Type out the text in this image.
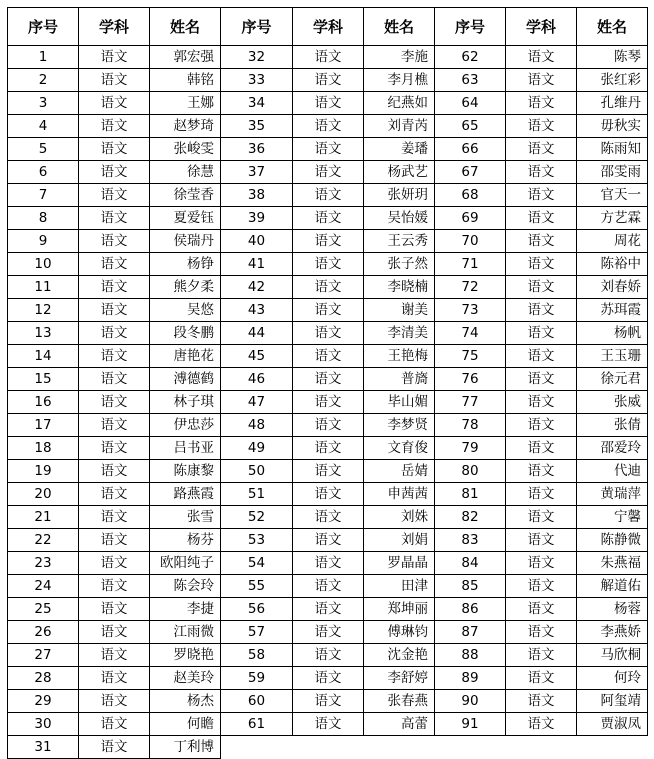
序号	学科	姓名	序号	学科	姓名	序号	学科	姓名
1	语文	郭宏强	32	语文	李施	62	语文	陈琴
2	语文	韩铭	33	语文	李月樵	63	语文	张红彩
3	语文	王娜	34	语文	纪燕如	64	语文	孔维丹
4	语文	赵梦琦	35	语文	刘青芮	65	语文	毋秋实
5	语文	张峻雯	36	语文	姜璠	66	语文	陈雨知
6	语文	徐慧	37	语文	杨武艺	67	语文	邵雯雨
7	语文	徐莹香	38	语文	张妍玥	68	语文	官天一
8	语文	夏爱钰	39	语文	吴怡媛	69	语文	方艺霖
9	语文	侯瑞丹	40	语文	王云秀	70	语文	周花
10	语文	杨铮	41	语文	张子然	71	语文	陈裕中
11	语文	熊夕柔	42	语文	李晓楠	72	语文	刘春娇
12	语文	吴悠	43	语文	谢美	73	语文	苏珥霞
13	语文	段冬鹏	44	语文	李清美	74	语文	杨帆
14	语文	唐艳花	45	语文	王艳梅	75	语文	王玉珊
15	语文	溥德鹤	46	语文	普旖	76	语文	徐元君
16	语文	林子琪	47	语文	毕山媚	77	语文	张威
17	语文	伊忠莎	48	语文	李梦贤	78	语文	张倩
18	语文	吕书亚	49	语文	文育俊	79	语文	邵爱玲
19	语文	陈康黎	50	语文	岳婧	80	语文	代迪
20	语文	路燕霞	51	语文	申茜茜	81	语文	黄瑞萍
21	语文	张雪	52	语文	刘姝	82	语文	宁馨
22	语文	杨芬	53	语文	刘娟	83	语文	陈静微
23	语文	欧阳纯子	54	语文	罗晶晶	84	语文	朱燕福
24	语文	陈会玲	55	语文	田津	85	语文	解道佑
25	语文	李捷	56	语文	郑坤丽	86	语文	杨蓉
26	语文	江雨微	57	语文	傅琳钧	87	语文	李燕娇
27	语文	罗晓艳	58	语文	沈金艳	88	语文	马欣桐
28	语文	赵美玲	59	语文	李舒婷	89	语文	何玲
29	语文	杨杰	60	语文	张春燕	90	语文	阿玺靖
30	语文	何瞻	61	语文	高蕾	91	语文	贾淑凤
31	语文	丁利博						
